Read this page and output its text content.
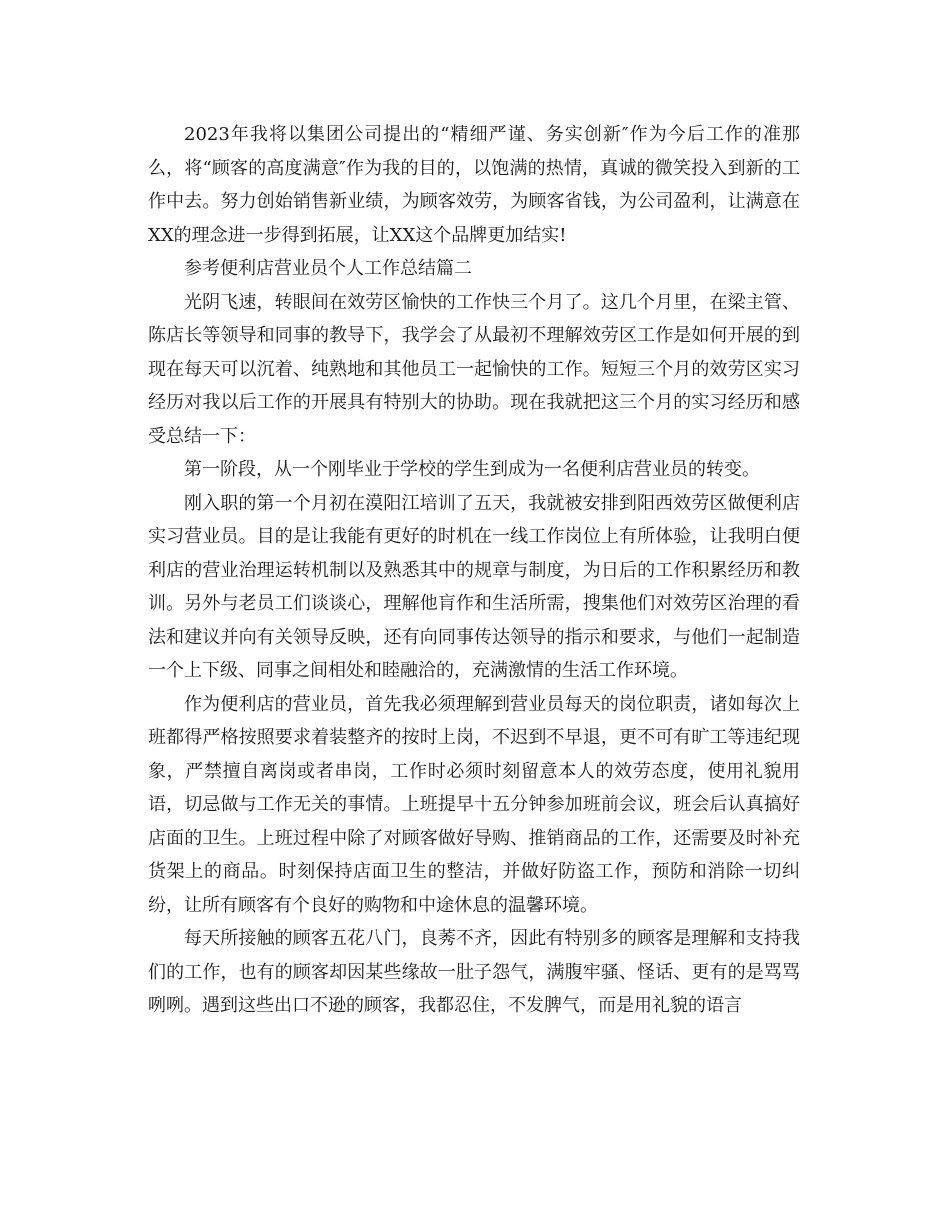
2023年我将以集团公司提出的“精细严谨、务实创新″作为今后工作的准那么，将“顾客的高度满意″作为我的目的，以饱满的热情，真诚的微笑投入到新的工作中去。努力创始销售新业绩，为顾客效劳，为顾客省钱，为公司盈利，让满意在XX的理念进一步得到拓展，让XX这个品牌更加结实!

参考便利店营业员个人工作总结篇二

光阴飞速，转眼间在效劳区愉快的工作快三个月了。这几个月里，在梁主管、陈店长等领导和同事的教导下，我学会了从最初不理解效劳区工作是如何开展的到现在每天可以沉着、纯熟地和其他员工一起愉快的工作。短短三个月的效劳区实习经历对我以后工作的开展具有特别大的协助。现在我就把这三个月的实习经历和感受总结一下：

第一阶段，从一个刚毕业于学校的学生到成为一名便利店营业员的转变。

刚入职的第一个月初在漠阳江培训了五天，我就被安排到阳西效劳区做便利店实习营业员。目的是让我能有更好的时机在一线工作岗位上有所体验，让我明白便利店的营业治理运转机制以及熟悉其中的规章与制度，为日后的工作积累经历和教训。另外与老员工们谈谈心，理解他肓作和生活所需，搜集他们对效劳区治理的看法和建议并向有关领导反映，还有向同事传达领导的指示和要求，与他们一起制造一个上下级、同事之间相处和睦融洽的，充满激情的生活工作环境。

作为便利店的营业员，首先我必须理解到营业员每天的岗位职责，诸如每次上班都得严格按照要求着装整齐的按时上岗，不迟到不早退，更不可有旷工等违纪现象，严禁擅自离岗或者串岗，工作时必须时刻留意本人的效劳态度，使用礼貌用语，切忌做与工作无关的事情。上班提早十五分钟参加班前会议，班会后认真搞好店面的卫生。上班过程中除了对顾客做好导购、推销商品的工作，还需要及时补充货架上的商品。时刻保持店面卫生的整洁，并做好防盗工作，预防和消除一切纠纷，让所有顾客有个良好的购物和中途休息的温馨环境。

每天所接触的顾客五花八门，良莠不齐，因此有特别多的顾客是理解和支持我们的工作，也有的顾客却因某些缘故一肚子怨气，满腹牢骚、怪话、更有的是骂骂咧咧。遇到这些出口不逊的顾客，我都忍住，不发脾气，而是用礼貌的语言
